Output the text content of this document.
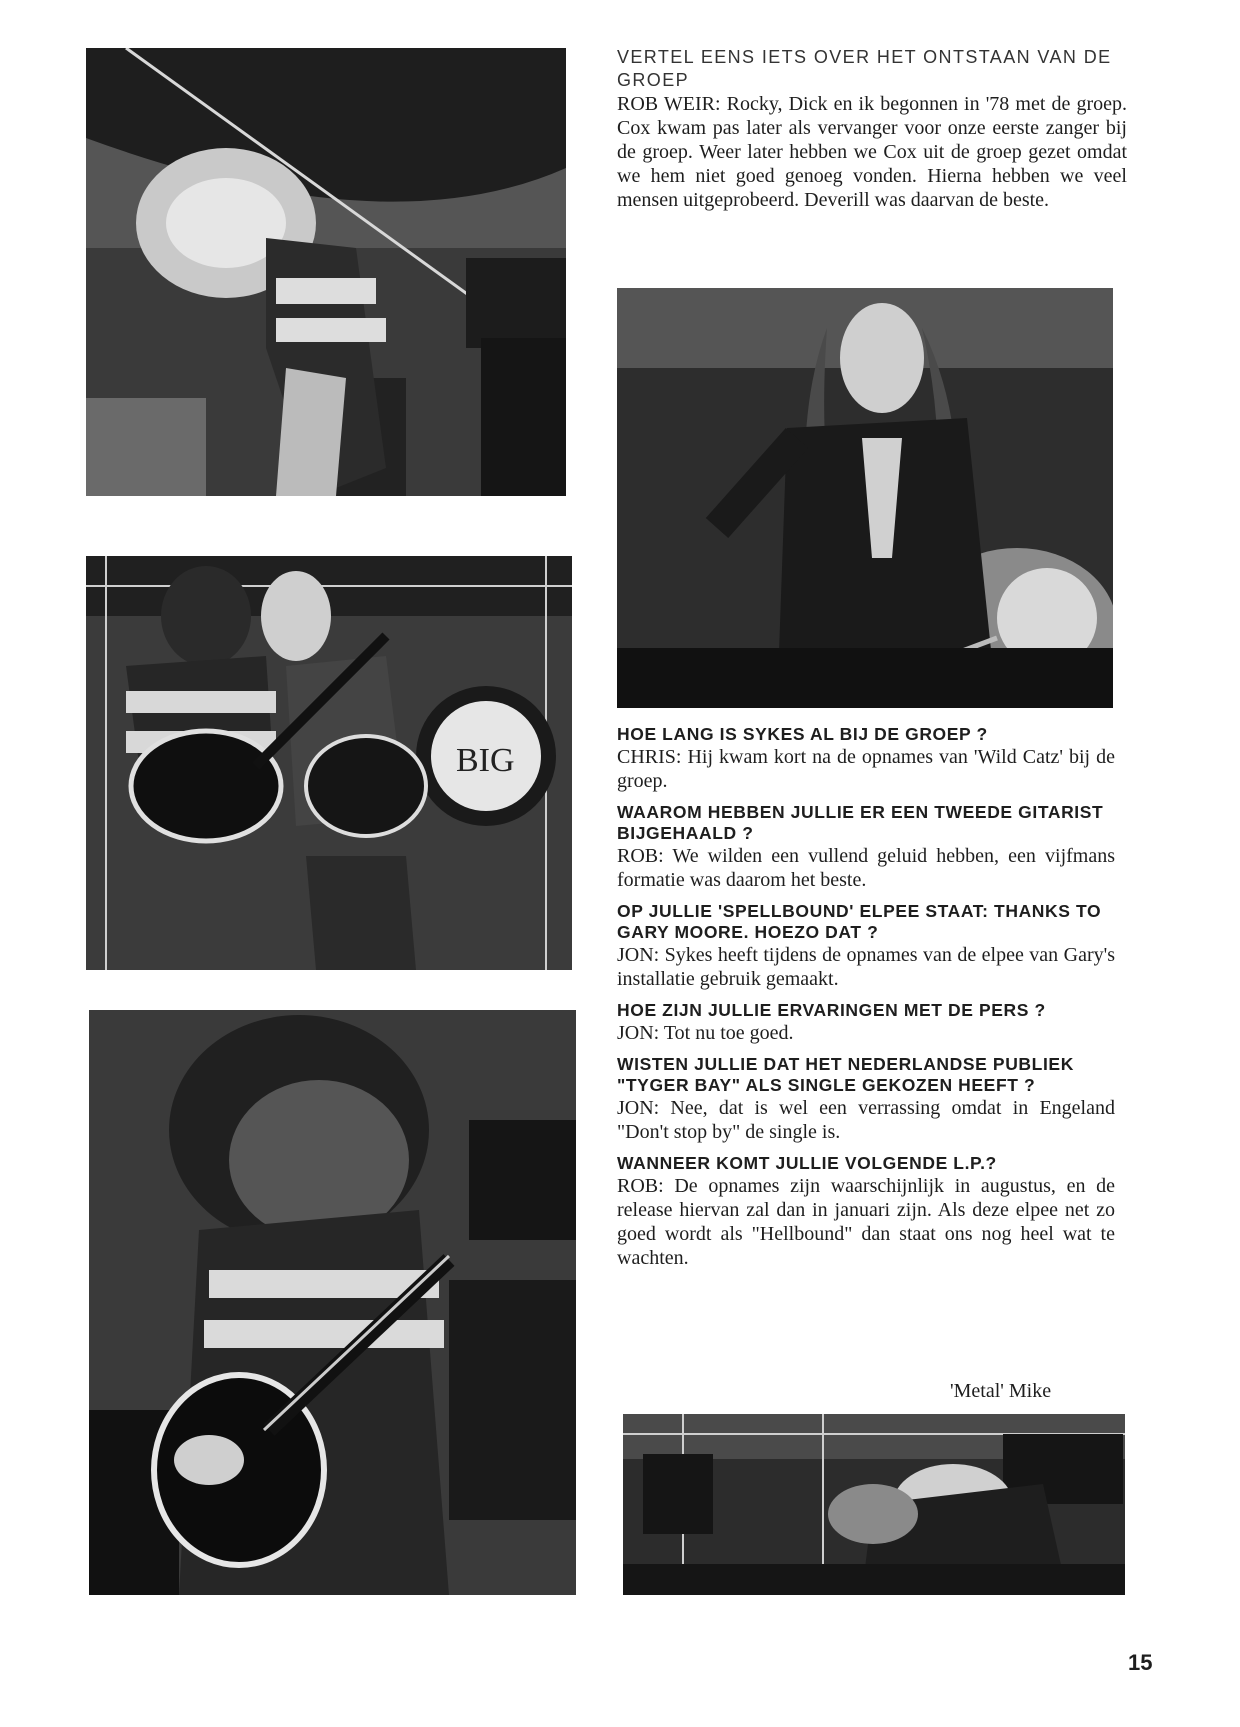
BIG

VERTEL EENS IETS OVER HET ONTSTAAN VAN DE GROEP

ROB WEIR: Rocky, Dick en ik begonnen in '78 met de groep. Cox kwam pas later als vervanger voor onze eerste zanger bij de groep. Weer later hebben we Cox uit de groep gezet omdat we hem niet goed genoeg vonden. Hierna hebben we veel mensen uitgeprobeerd. Deverill was daarvan de beste.

HOE LANG IS SYKES AL BIJ DE GROEP ?

CHRIS: Hij kwam kort na de opnames van 'Wild Catz' bij de groep.

WAAROM HEBBEN JULLIE ER EEN TWEEDE GITARIST BIJGEHAALD ?

ROB: We wilden een vullend geluid hebben, een vijfmans formatie was daarom het beste.

OP JULLIE 'SPELLBOUND' ELPEE STAAT: THANKS TO GARY MOORE. HOEZO DAT ?

JON: Sykes heeft tijdens de opnames van de elpee van Gary's installatie gebruik gemaakt.

HOE ZIJN JULLIE ERVARINGEN MET DE PERS ?

JON: Tot nu toe goed.

WISTEN JULLIE DAT HET NEDERLANDSE PUBLIEK "TYGER BAY" ALS SINGLE GEKOZEN HEEFT ?

JON: Nee, dat is wel een verrassing omdat in Engeland "Don't stop by" de single is.

WANNEER KOMT JULLIE VOLGENDE L.P.?

ROB: De opnames zijn waarschijnlijk in augustus, en de release hiervan zal dan in januari zijn. Als deze elpee net zo goed wordt als "Hellbound" dan staat ons nog heel wat te wachten.

'Metal' Mike
15
